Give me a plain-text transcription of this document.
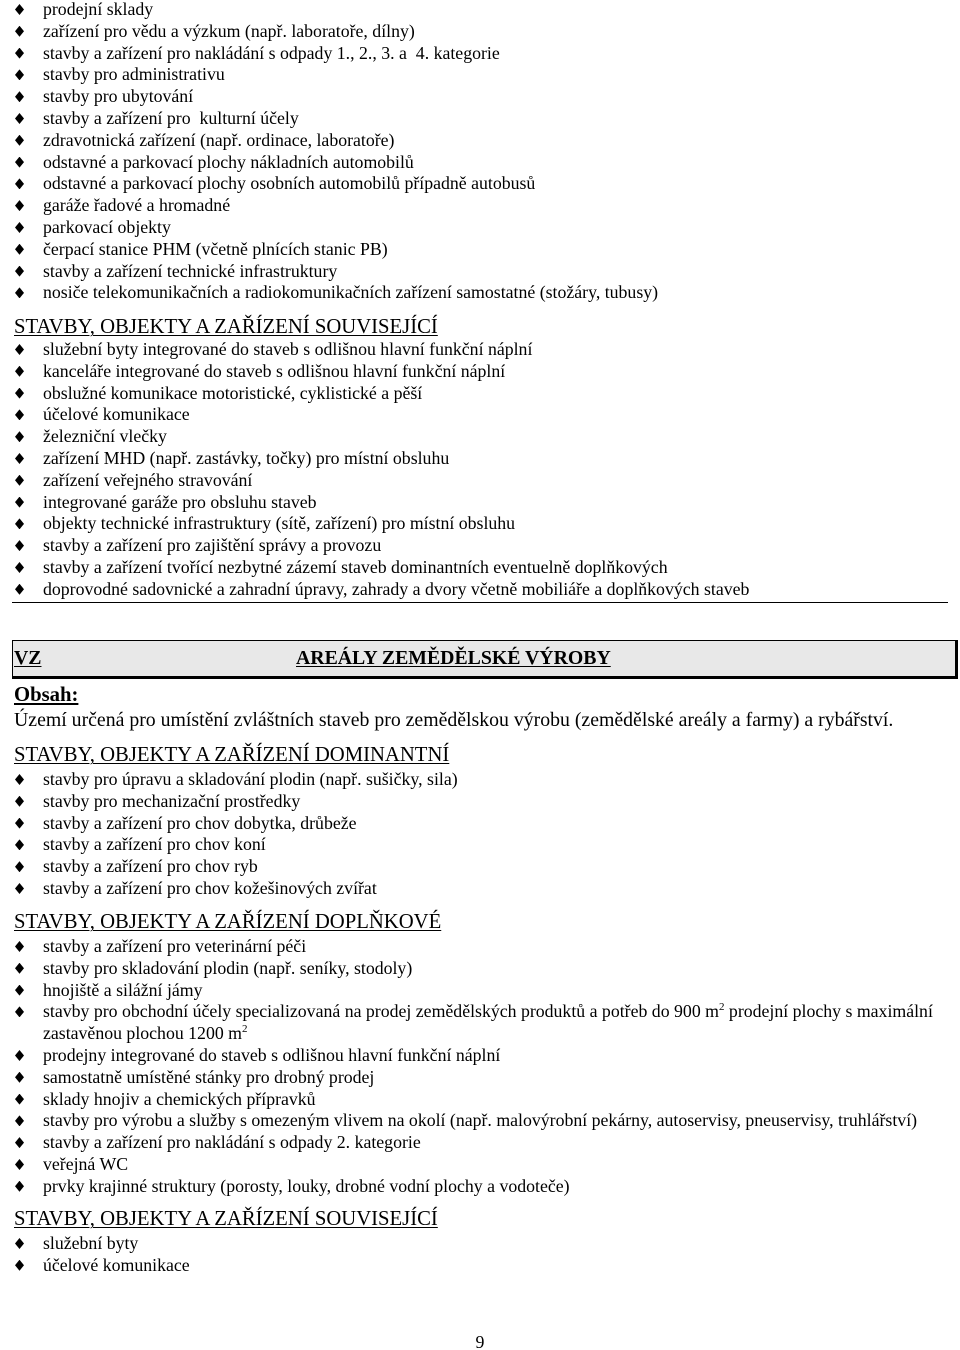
prodejní sklady
zařízení pro vědu a výzkum (např. laboratoře, dílny)
stavby a zařízení pro nakládání s odpady 1., 2., 3. a  4. kategorie
stavby pro administrativu
stavby pro ubytování
stavby a zařízení pro  kulturní účely
zdravotnická zařízení (např. ordinace, laboratoře)
odstavné a parkovací plochy nákladních automobilů
odstavné a parkovací plochy osobních automobilů případně autobusů
garáže řadové a hromadné
parkovací objekty
čerpací stanice PHM (včetně plnících stanic PB)
stavby a zařízení technické infrastruktury
nosiče telekomunikačních a radiokomunikačních zařízení samostatné (stožáry, tubusy)
STAVBY, OBJEKTY A ZAŘÍZENÍ SOUVISEJÍCÍ
služební byty integrované do staveb s odlišnou hlavní funkční náplní
kanceláře integrované do staveb s odlišnou hlavní funkční náplní
obslužné komunikace motoristické, cyklistické a pěší
účelové komunikace
železniční vlečky
zařízení MHD (např. zastávky, točky) pro místní obsluhu
zařízení veřejného stravování
integrované garáže pro obsluhu staveb
objekty technické infrastruktury (sítě, zařízení) pro místní obsluhu
stavby a zařízení pro zajištění správy a provozu
stavby a zařízení tvořící nezbytné zázemí staveb dominantních eventuelně doplňkových
doprovodné sadovnické a zahradní úpravy, zahrady a dvory včetně mobiliáře a doplňkových staveb
VZ	AREÁLY ZEMĚDĚLSKÉ VÝROBY
Obsah:
Území určená pro umístění zvláštních staveb pro zemědělskou výrobu (zemědělské areály a farmy) a rybářství.
STAVBY, OBJEKTY A ZAŘÍZENÍ DOMINANTNÍ
stavby pro úpravu a skladování plodin (např. sušičky, sila)
stavby pro mechanizační prostředky
stavby a zařízení pro chov dobytka, drůbeže
stavby a zařízení pro chov koní
stavby a zařízení pro chov ryb
stavby a zařízení pro chov kožešinových zvířat
STAVBY, OBJEKTY A ZAŘÍZENÍ DOPLŇKOVÉ
stavby a zařízení pro veterinární péči
stavby pro skladování plodin (např. seníky, stodoly)
hnojiště a silážní jámy
stavby pro obchodní účely specializovaná na prodej zemědělských produktů a potřeb do 900 $m^2$ prodejní plochy s maximální zastavěnou plochou 1200 $m^2$
prodejny integrované do staveb s odlišnou hlavní funkční náplní
samostatně umístěné stánky pro drobný prodej
sklady hnojiv a chemických přípravků
stavby pro výrobu a služby s omezeným vlivem na okolí (např. malovýrobní pekárny, autoservisy, pneuservisy, truhlářství)
stavby a zařízení pro nakládání s odpady 2. kategorie
veřejná WC
prvky krajinné struktury (porosty, louky, drobné vodní plochy a vodoteče)
STAVBY, OBJEKTY A ZAŘÍZENÍ SOUVISEJÍCÍ
služební byty
účelové komunikace
9
